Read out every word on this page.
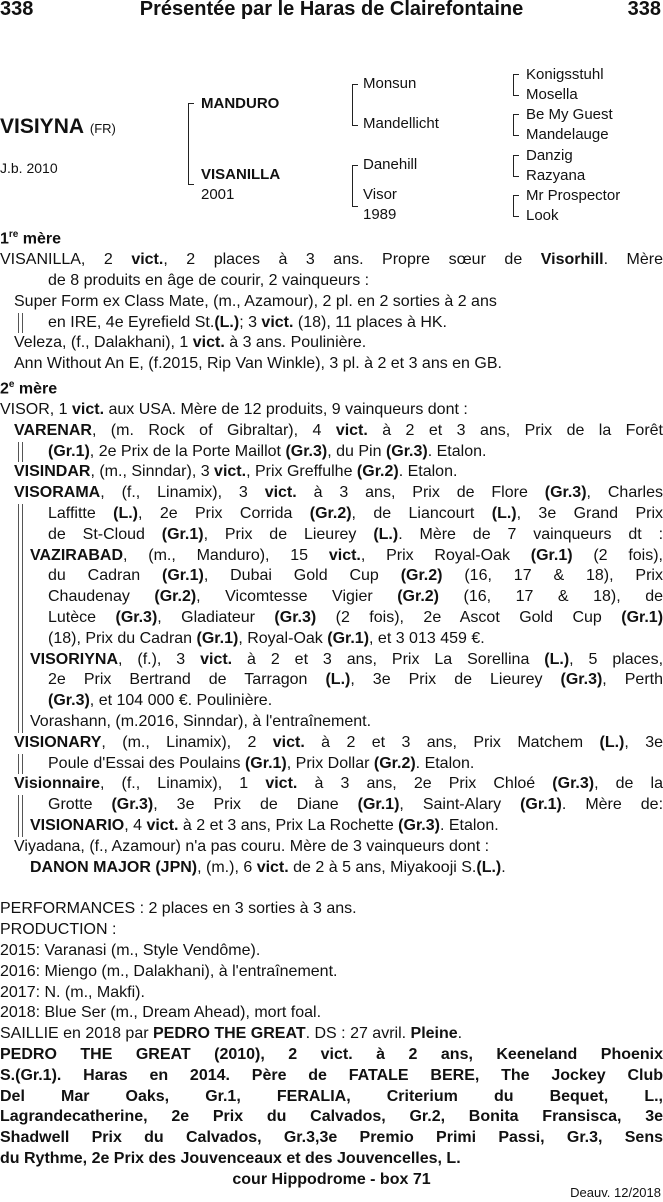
338	Présentée par le Haras de Clairefontaine	338
VISIYNA (FR)
J.b. 2010
MANDURO
VISANILLA
2001
Monsun
Mandellicht
Danehill
Visor
1989
Konigsstuhl
Mosella
Be My Guest
Mandelauge
Danzig
Razyana
Mr Prospector
Look
1re mère
VISANILLA, 2 vict., 2 places à 3 ans. Propre sœur de Visorhill. Mère
de 8 produits en âge de courir, 2 vainqueurs :
Super Form ex Class Mate, (m., Azamour), 2 pl. en 2 sorties à 2 ans
en IRE, 4e Eyrefield St.(L.); 3 vict. (18), 11 places à HK.
Veleza, (f., Dalakhani), 1 vict. à 3 ans. Poulinière.
Ann Without An E, (f.2015, Rip Van Winkle), 3 pl. à 2 et 3 ans en GB.
2e mère
VISOR, 1 vict. aux USA. Mère de 12 produits, 9 vainqueurs dont :
VARENAR, (m. Rock of Gibraltar), 4 vict. à 2 et 3 ans, Prix de la Forêt
(Gr.1), 2e Prix de la Porte Maillot (Gr.3), du Pin (Gr.3). Etalon.
VISINDAR, (m., Sinndar), 3 vict., Prix Greffulhe (Gr.2). Etalon.
VISORAMA, (f., Linamix), 3 vict. à 3 ans, Prix de Flore (Gr.3), Charles
Laffitte (L.), 2e Prix Corrida (Gr.2), de Liancourt (L.), 3e Grand Prix
de St-Cloud (Gr.1), Prix de Lieurey (L.). Mère de 7 vainqueurs dt :
VAZIRABAD, (m., Manduro), 15 vict., Prix Royal-Oak (Gr.1) (2 fois),
du Cadran (Gr.1), Dubai Gold Cup (Gr.2) (16, 17 & 18), Prix
Chaudenay (Gr.2), Vicomtesse Vigier (Gr.2) (16, 17 & 18), de
Lutèce (Gr.3), Gladiateur (Gr.3) (2 fois), 2e Ascot Gold Cup (Gr.1)
(18), Prix du Cadran (Gr.1), Royal-Oak (Gr.1), et 3 013 459 €.
VISORIYNA, (f.), 3 vict. à 2 et 3 ans, Prix La Sorellina (L.), 5 places,
2e Prix Bertrand de Tarragon (L.), 3e Prix de Lieurey (Gr.3), Perth
(Gr.3), et 104 000 €. Poulinière.
Vorashann, (m.2016, Sinndar), à l'entraînement.
VISIONARY, (m., Linamix), 2 vict. à 2 et 3 ans, Prix Matchem (L.), 3e
Poule d'Essai des Poulains (Gr.1), Prix Dollar (Gr.2). Etalon.
Visionnaire, (f., Linamix), 1 vict. à 3 ans, 2e Prix Chloé (Gr.3), de la
Grotte (Gr.3), 3e Prix de Diane (Gr.1), Saint-Alary (Gr.1). Mère de:
VISIONARIO, 4 vict. à 2 et 3 ans, Prix La Rochette (Gr.3). Etalon.
Viyadana, (f., Azamour) n'a pas couru. Mère de 3 vainqueurs dont :
DANON MAJOR (JPN), (m.), 6 vict. de 2 à 5 ans, Miyakooji S.(L.).
PERFORMANCES : 2 places en 3 sorties à 3 ans.
PRODUCTION :
2015: Varanasi (m., Style Vendôme).
2016: Miengo (m., Dalakhani), à l'entraînement.
2017: N. (m., Makfi).
2018: Blue Ser (m., Dream Ahead), mort foal.
SAILLIE en 2018 par PEDRO THE GREAT. DS : 27 avril. Pleine.
PEDRO THE GREAT (2010), 2 vict. à 2 ans, Keeneland Phoenix
S.(Gr.1). Haras en 2014. Père de FATALE BERE, The Jockey Club
Del Mar Oaks, Gr.1, FERALIA, Criterium du Bequet, L.,
Lagrandecatherine, 2e Prix du Calvados, Gr.2, Bonita Fransisca, 3e
Shadwell Prix du Calvados, Gr.3,3e Premio Primi Passi, Gr.3, Sens
du Rythme, 2e Prix des Jouvenceaux et des Jouvencelles, L.
cour Hippodrome - box 71
Deauv. 12/2018
